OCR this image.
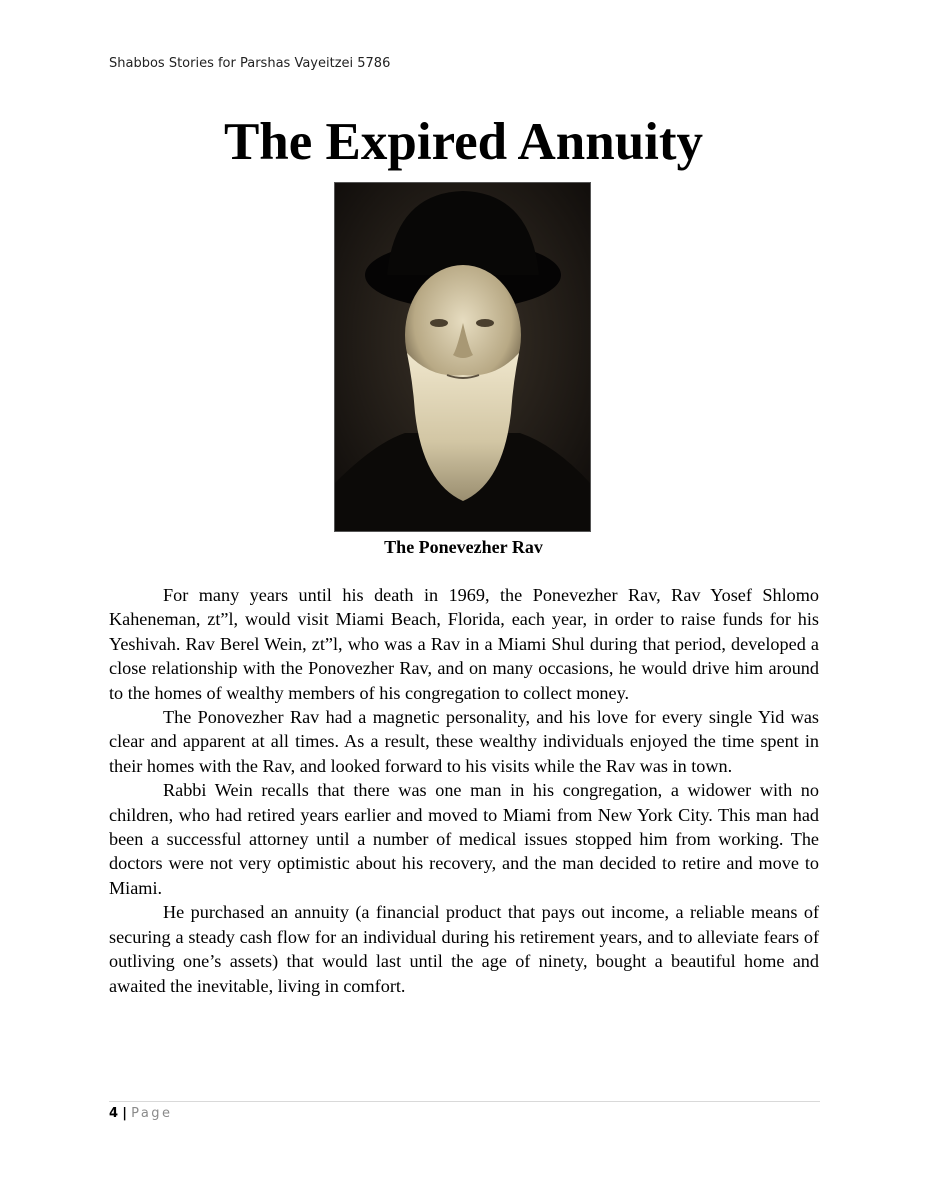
Shabbos Stories for Parshas Vayeitzei 5786
The Expired Annuity
The Ponevezher Rav

For many years until his death in 1969, the Ponevezher Rav, Rav Yosef Shlomo Kaheneman, zt”l, would visit Miami Beach, Florida, each year, in order to raise funds for his Yeshivah. Rav Berel Wein, zt”l, who was a Rav in a Miami Shul during that period, developed a close relationship with the Ponovezher Rav, and on many occasions, he would drive him around to the homes of wealthy members of his congregation to collect money.

The Ponovezher Rav had a magnetic personality, and his love for every single Yid was clear and apparent at all times. As a result, these wealthy individuals enjoyed the time spent in their homes with the Rav, and looked forward to his visits while the Rav was in town.

Rabbi Wein recalls that there was one man in his congregation, a widower with no children, who had retired years earlier and moved to Miami from New York City. This man had been a successful attorney until a number of medical issues stopped him from working. The doctors were not very optimistic about his recovery, and the man decided to retire and move to Miami.

He purchased an annuity (a financial product that pays out income, a reliable means of securing a steady cash flow for an individual during his retirement years, and to alleviate fears of outliving one’s assets) that would last until the age of ninety, bought a beautiful home and awaited the inevitable, living in comfort.

4 | Page
